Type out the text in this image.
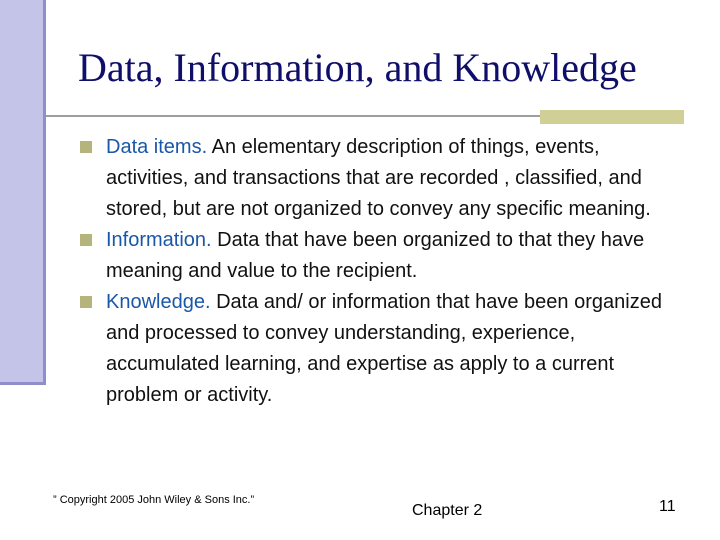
Data, Information, and Knowledge
Data items. An elementary description of things, events, activities, and transactions that are recorded , classified, and stored, but are not organized to convey any specific meaning.
Information. Data that have been organized to that they have meaning and value to the recipient.
Knowledge. Data and/ or information that have been organized and processed to convey understanding, experience, accumulated learning, and expertise as apply to a current problem or activity.
” Copyright 2005 John Wiley & Sons Inc.”
Chapter 2	11
